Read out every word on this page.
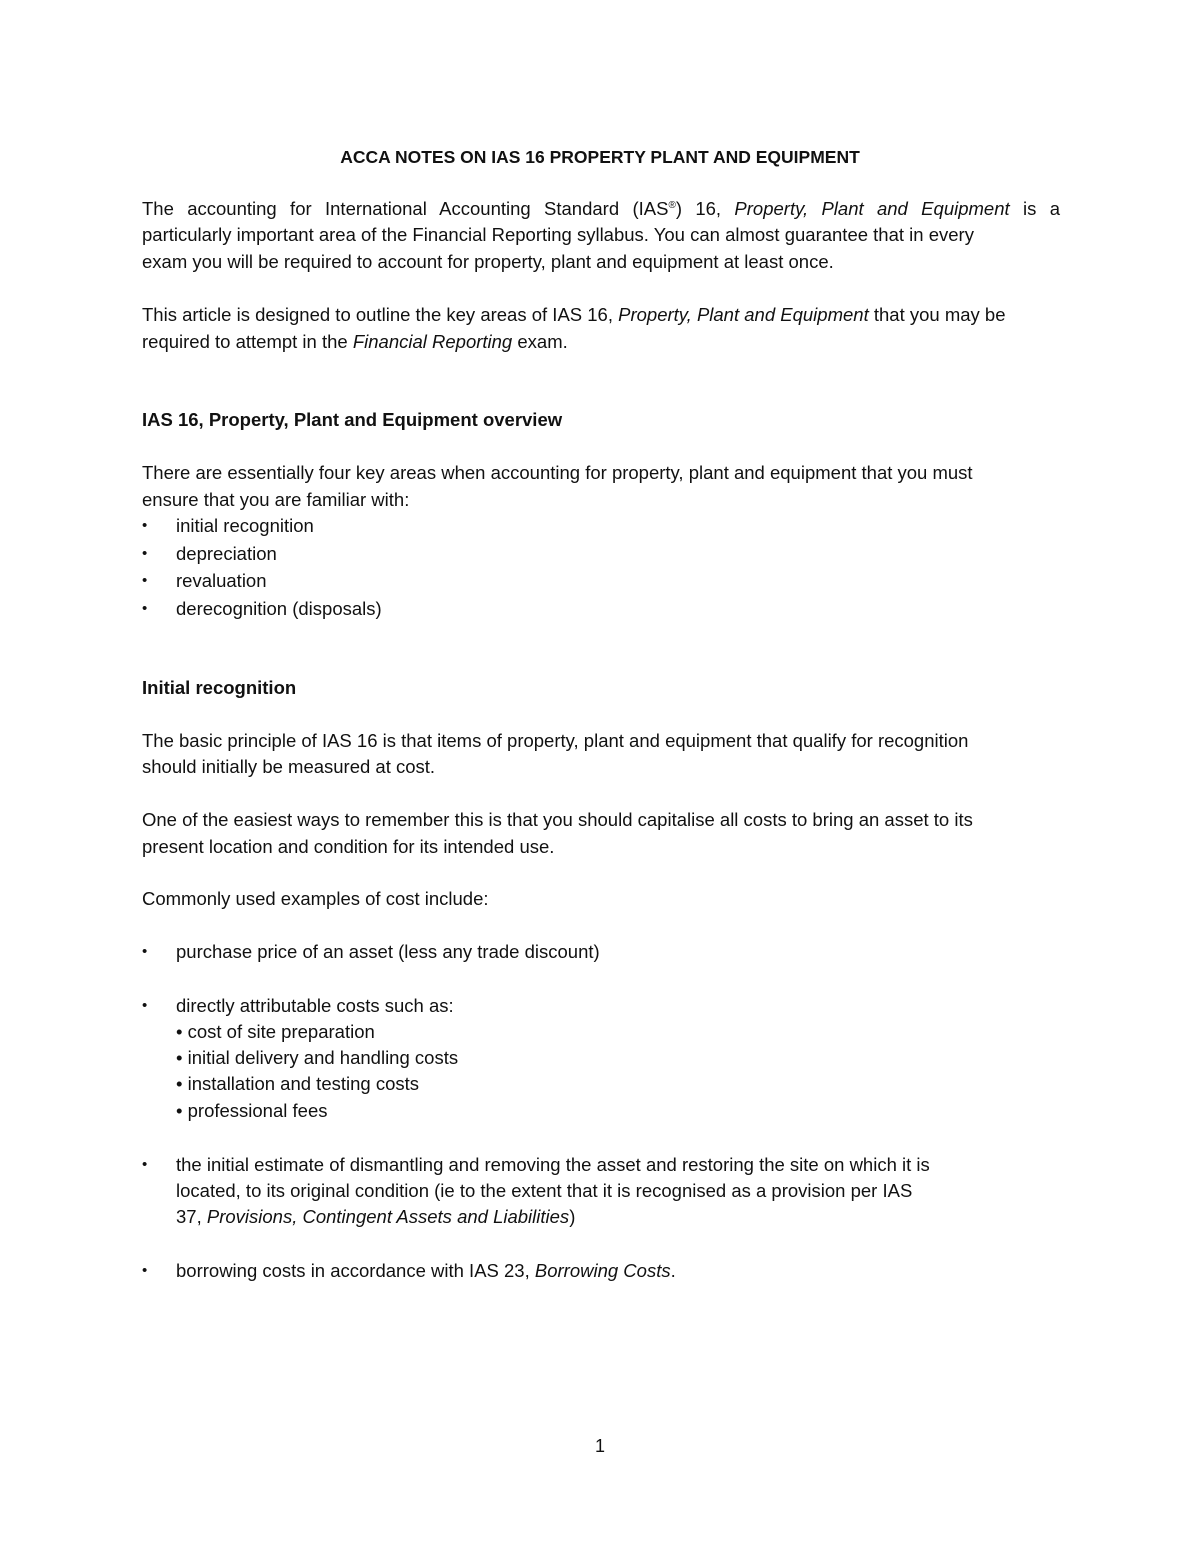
ACCA NOTES ON IAS 16 PROPERTY PLANT AND EQUIPMENT
The accounting for International Accounting Standard (IAS®) 16, Property, Plant and Equipment is a
particularly important area of the Financial Reporting syllabus. You can almost guarantee that in every
exam you will be required to account for property, plant and equipment at least once.
This article is designed to outline the key areas of IAS 16, Property, Plant and Equipment that you may be
required to attempt in the Financial Reporting exam.
IAS 16, Property, Plant and Equipment overview
There are essentially four key areas when accounting for property, plant and equipment that you must
ensure that you are familiar with:
• initial recognition
• depreciation
• revaluation
• derecognition (disposals)
Initial recognition
The basic principle of IAS 16 is that items of property, plant and equipment that qualify for recognition
should initially be measured at cost.
One of the easiest ways to remember this is that you should capitalise all costs to bring an asset to its
present location and condition for its intended use.
Commonly used examples of cost include:
• purchase price of an asset (less any trade discount)
• directly attributable costs such as:
• cost of site preparation
• initial delivery and handling costs
• installation and testing costs
• professional fees
• the initial estimate of dismantling and removing the asset and restoring the site on which it is
located, to its original condition (ie to the extent that it is recognised as a provision per IAS
37, Provisions, Contingent Assets and Liabilities)
• borrowing costs in accordance with IAS 23, Borrowing Costs.
1
